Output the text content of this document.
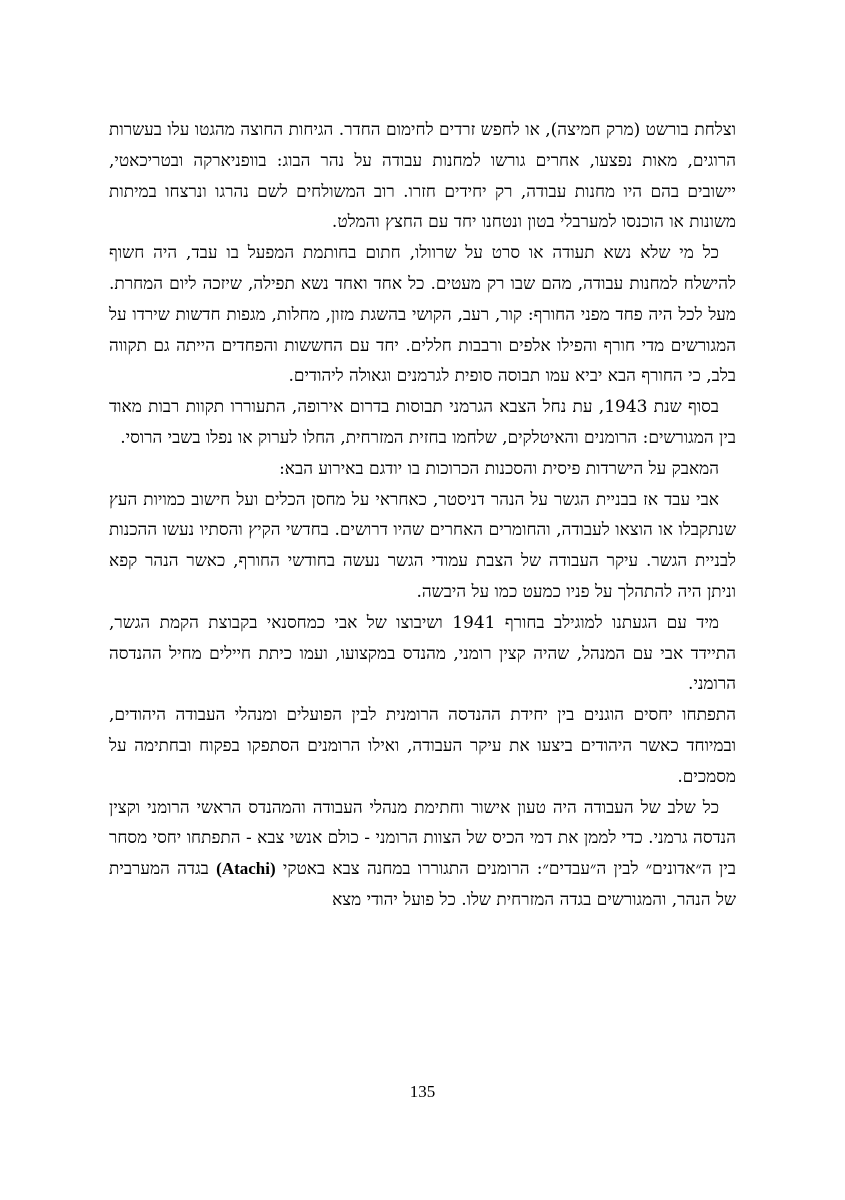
וצלחת בורשט (מרק חמיצה), או לחפש זרדים לחימום החדר. הגיחות החוצה מהגטו עלו בעשרות הרוגים, מאות נפצעו, אחרים גורשו למחנות עבודה על נהר הבוג: בוופניארקה ובטריכאטי, יישובים בהם היו מחנות עבודה, רק יחידים חזרו. רוב המשולחים לשם נהרגו ונרצחו במיתות משונות או הוכנסו למערבלי בטון ונטחנו יחד עם החצץ והמלט.

כל מי שלא נשא תעודה או סרט על שרוולו, חתום בחותמת המפעל בו עבד, היה חשוף להישלח למחנות עבודה, מהם שבו רק מעטים. כל אחד ואחד נשא תפילה, שיזכה ליום המחרת. מעל לכל היה פחד מפני החורף: קור, רעב, הקושי בהשגת מזון, מחלות, מגפות חדשות שירדו על המגורשים מדי חורף והפילו אלפים ורבבות חללים. יחד עם החששות והפחדים הייתה גם תקווה בלב, כי החורף הבא יביא עמו תבוסה סופית לגרמנים וגאולה ליהודים.

בסוף שנת 1943, עת נחל הצבא הגרמני תבוסות בדרום אירופה, התעוררו תקוות רבות מאוד בין המגורשים: הרומנים והאיטלקים, שלחמו בחזית המזרחית, החלו לערוק או נפלו בשבי הרוסי.

המאבק על הישרדות פיסית והסכנות הכרוכות בו יודגם באירוע הבא:

אבי עבד אז בבניית הגשר על הנהר דניסטר, כאחראי על מחסן הכלים ועל חישוב כמויות העץ שנתקבלו או הוצאו לעבודה, והחומרים האחרים שהיו דרושים. בחדשי הקיץ והסתיו נעשו ההכנות לבניית הגשר. עיקר העבודה של הצבת עמודי הגשר נעשה בחודשי החורף, כאשר הנהר קפא וניתן היה להתהלך על פניו כמעט כמו על היבשה.

מיד עם הגעתנו למוגילב בחורף 1941 ושיבוצו של אבי כמחסנאי בקבוצת הקמת הגשר, התיידד אבי עם המנהל, שהיה קצין רומני, מהנדס במקצועו, ועמו כיתת חיילים מחיל ההנדסה הרומני.

התפתחו יחסים הוגנים בין יחידת ההנדסה הרומנית לבין הפועלים ומנהלי העבודה היהודים, ובמיוחד כאשר היהודים ביצעו את עיקר העבודה, ואילו הרומנים הסתפקו בפקוח ובחתימה על מסמכים.

כל שלב של העבודה היה טעון אישור וחתימת מנהלי העבודה והמהנדס הראשי הרומני וקצין הנדסה גרמני. כדי לממן את דמי הכיס של הצוות הרומני - כולם אנשי צבא - התפתחו יחסי מסחר בין ה״אדונים״ לבין ה״עבדים״: הרומנים התגוררו במחנה צבא באטקי (Atachi) בגדה המערבית של הנהר, והמגורשים בגדה המזרחית שלו. כל פועל יהודי מצא

135
